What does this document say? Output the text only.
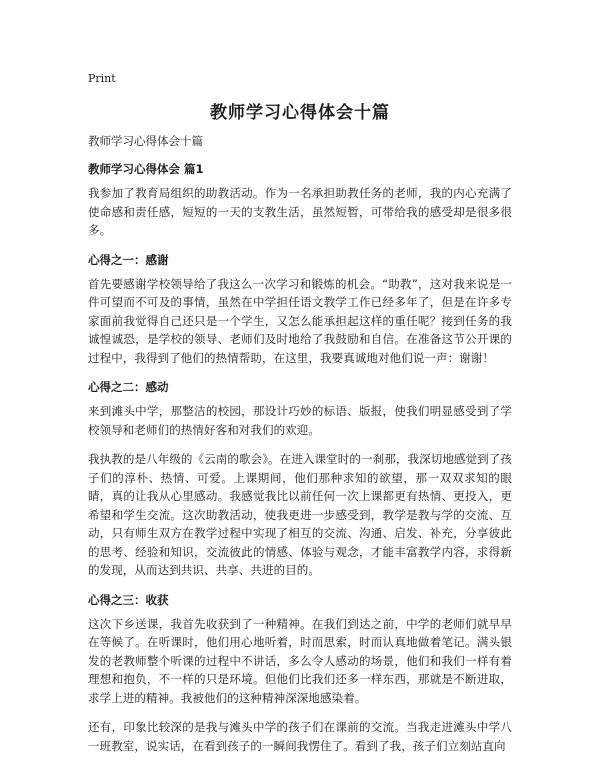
Print
教师学习心得体会十篇
教师学习心得体会十篇
教师学习心得体会 篇1
我参加了教育局组织的助教活动。作为一名承担助教任务的老师，我的内心充满了使命感和责任感，短短的一天的支教生活，虽然短暂，可带给我的感受却是很多很多。
心得之一：感谢
首先要感谢学校领导给了我这么一次学习和锻炼的机会。“助教”，这对我来说是一件可望而不可及的事情，虽然在中学担任语文教学工作已经多年了，但是在许多专家面前我觉得自己还只是一个学生，又怎么能承担起这样的重任呢？接到任务的我诚惶诚恐，是学校的领导、老师们及时地给了我鼓励和自信。在准备这节公开课的过程中，我得到了他们的热情帮助，在这里，我要真诚地对他们说一声：谢谢！
心得之二：感动
来到滩头中学，那整洁的校园，那设计巧妙的标语、版报，使我们明显感受到了学校领导和老师们的热情好客和对我们的欢迎。
我执教的是八年级的《云南的歌会》。在进入课堂时的一刹那，我深切地感觉到了孩子们的淳朴、热情、可爱。上课期间，他们那种求知的欲望，那一双双求知的眼睛，真的让我从心里感动。我感觉我比以前任何一次上课都更有热情、更投入，更希望和学生交流。这次助教活动，使我更进一步感受到，教学是教与学的交流、互动，只有师生双方在教学过程中实现了相互的交流、沟通、启发、补充，分享彼此的思考、经验和知识，交流彼此的情感、体验与观念，才能丰富教学内容，求得新的发现，从而达到共识、共享、共进的目的。
心得之三：收获
这次下乡送课，我首先收获到了一种精神。在我们到达之前，中学的老师们就早早在等候了。在听课时，他们用心地听着，时而思索，时而认真地做着笔记。满头银发的老教师整个听课的过程中不讲话，多么令人感动的场景，他们和我们一样有着理想和抱负，不一样的只是环境。但他们比我们还多一样东西，那就是不断进取，求学上进的精神。我被他们的这种精神深深地感染着。
还有，印象比较深的是我与滩头中学的孩子们在课前的交流。当我走进滩头中学八一班教室，说实话，在看到孩子的一瞬间我愣住了。看到了我，孩子们立刻站直向
